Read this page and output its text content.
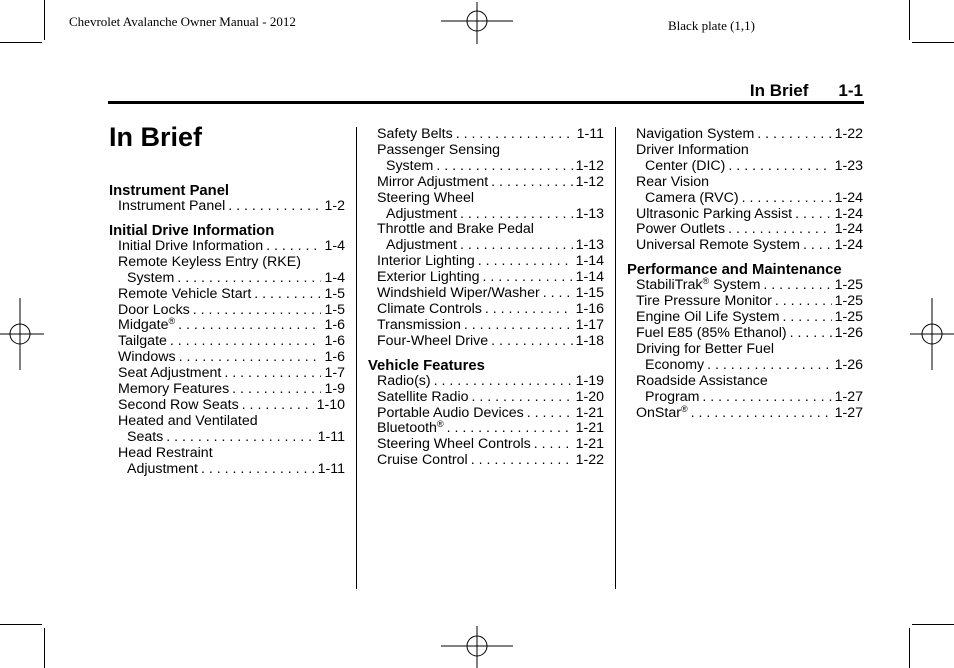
Chevrolet Avalanche Owner Manual - 2012	Black plate (1,1)
In Brief 1-1
In Brief
Instrument Panel
Instrument Panel . . .	1-2
Initial Drive Information
Initial Drive Information . . .	1-4
Remote Keyless Entry (RKE)
System . . .	1-4
Remote Vehicle Start . . .	1-5
Door Locks . . .	1-5
Midgate® . . .	1-6
Tailgate . . .	1-6
Windows . . .	1-6
Seat Adjustment . . .	1-7
Memory Features . . .	1-9
Second Row Seats . . .	1-10
Heated and Ventilated
Seats . . .	1-11
Head Restraint
Adjustment . . .	1-11
Safety Belts . . .	1-11
Passenger Sensing
System . . .	1-12
Mirror Adjustment . . .	1-12
Steering Wheel
Adjustment . . .	1-13
Throttle and Brake Pedal
Adjustment . . .	1-13
Interior Lighting . . .	1-14
Exterior Lighting . . .	1-14
Windshield Wiper/Washer . . .	1-15
Climate Controls . . .	1-16
Transmission . . .	1-17
Four-Wheel Drive . . .	1-18
Vehicle Features
Radio(s) . . .	1-19
Satellite Radio . . .	1-20
Portable Audio Devices . . .	1-21
Bluetooth® . . .	1-21
Steering Wheel Controls . . .	1-21
Cruise Control . . .	1-22
Navigation System . . .	1-22
Driver Information
Center (DIC) . . .	1-23
Rear Vision
Camera (RVC) . . .	1-24
Ultrasonic Parking Assist . . .	1-24
Power Outlets . . .	1-24
Universal Remote System . . . 1-24
Performance and Maintenance
StabiliTrak® System . . .	1-25
Tire Pressure Monitor . . .	1-25
Engine Oil Life System . . .	1-25
Fuel E85 (85% Ethanol) . . .	1-26
Driving for Better Fuel
Economy . . .	1-26
Roadside Assistance
Program . . .	1-27
OnStar® . . .	1-27
